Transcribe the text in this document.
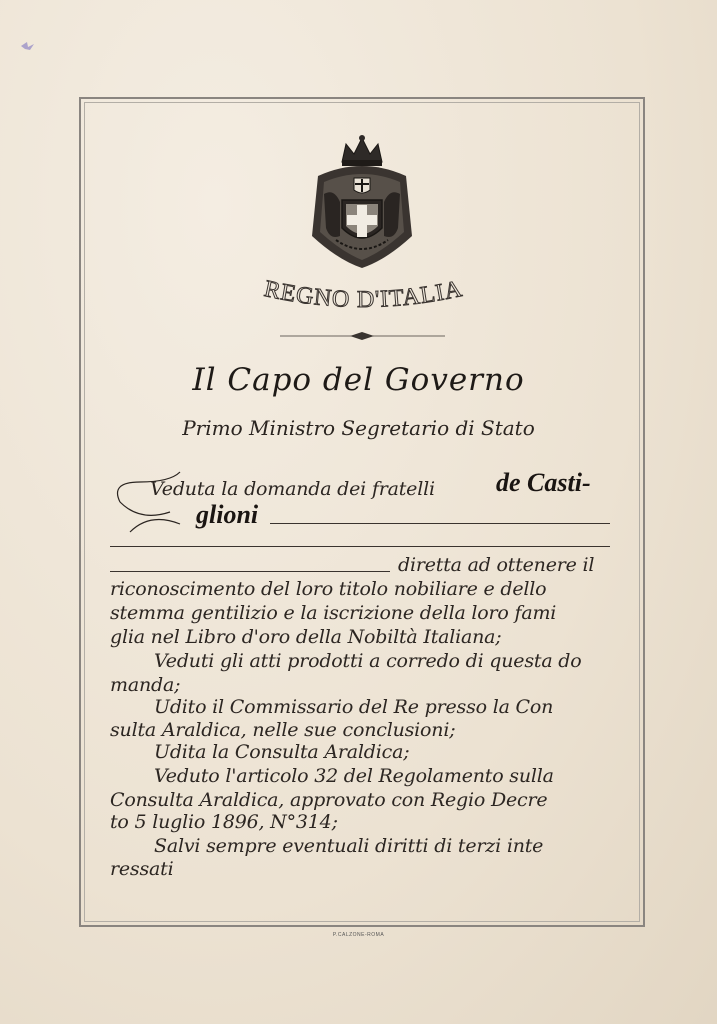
REGNO D'ITALIA
Il Capo del Governo
Primo Ministro Segretario di Stato
Veduta la domanda dei fratelli de Casti-
glioni
diretta ad ottenere il
riconoscimento del loro titolo nobiliare e dello
stemma gentilizio e la iscrizione della loro fami
glia nel Libro d'oro della Nobiltà Italiana;
Veduti gli atti prodotti a corredo di questa do
manda;
Udito il Commissario del Re presso la Con
sulta Araldica, nelle sue conclusioni;
Udita la Consulta Araldica;
Veduto l'articolo 32 del Regolamento sulla
Consulta Araldica, approvato con Regio Decre
to 5 luglio 1896, N°314;
Salvi sempre eventuali diritti di terzi inte
ressati
P.CALZONE-ROMA
